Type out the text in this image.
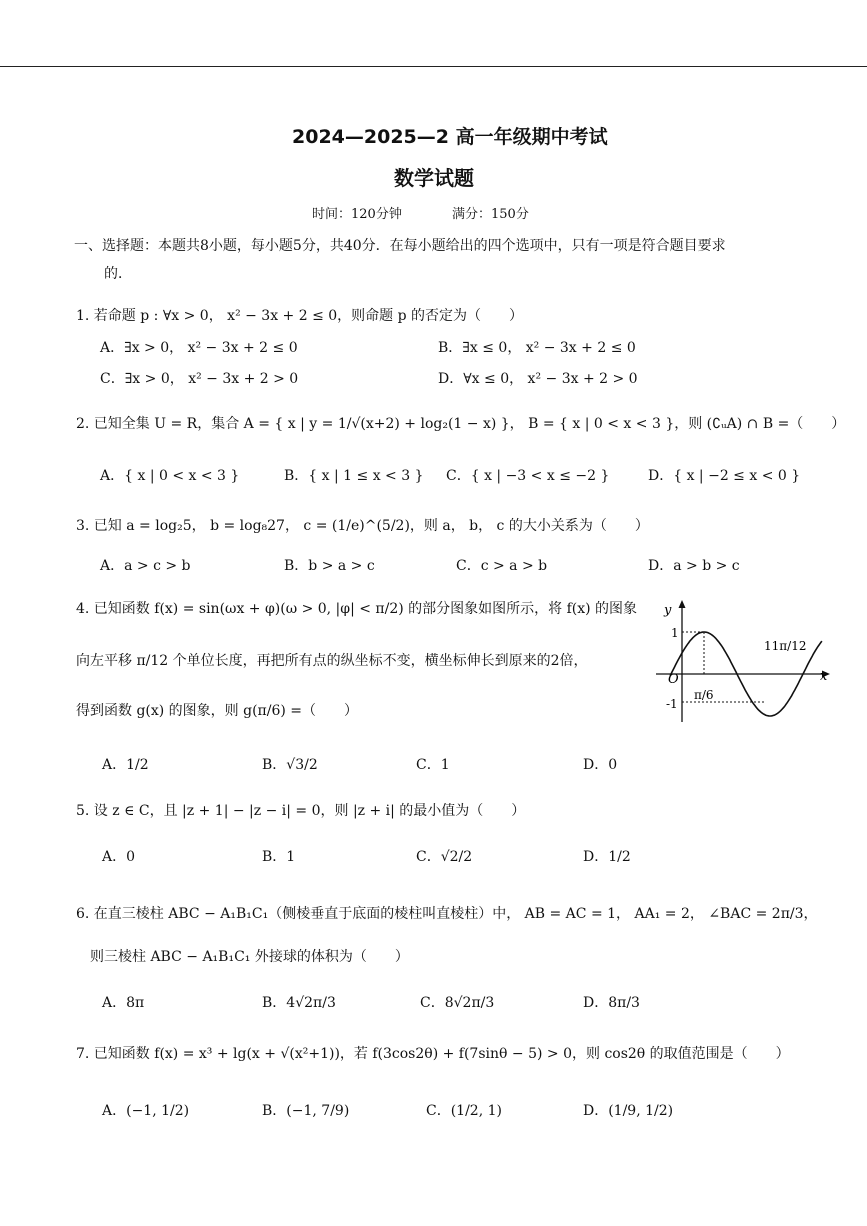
2024—2025—2 高一年级期中考试
数学试题
时间：120分钟	满分：150分
一、选择题：本题共8小题，每小题5分，共40分．在每小题给出的四个选项中，只有一项是符合题目要求
的．
1. 若命题 p : ∀x > 0， x² − 3x + 2 ≤ 0，则命题 p 的否定为（　　）
A．∃x > 0， x² − 3x + 2 ≤ 0	B．∃x ≤ 0， x² − 3x + 2 ≤ 0
C．∃x > 0， x² − 3x + 2 > 0	D．∀x ≤ 0， x² − 3x + 2 > 0
2. 已知全集 U = R，集合 A = { x | y = 1/√(x+2) + log₂(1 − x) }， B = { x | 0 < x < 3 }，则 (∁ᵤA) ∩ B =（　　）
A．{ x | 0 < x < 3 }	B．{ x | 1 ≤ x < 3 } C．{ x | −3 < x ≤ −2 }	D．{ x | −2 ≤ x < 0 }
3. 已知 a = log₂5， b = log₈27， c = (1/e)^(5/2)，则 a， b， c 的大小关系为（　　）
A．a > c > b	B．b > a > c	C．c > a > b	D．a > b > c
4. 已知函数 f(x) = sin(ωx + φ)(ω > 0, |φ| < π/2) 的部分图象如图所示，将 f(x) 的图象
向左平移 π/12 个单位长度，再把所有点的纵坐标不变，横坐标伸长到原来的2倍，
得到函数 g(x) 的图象，则 g(π/6) =（　　）
A．1/2	B．√3/2	C．1	D．0
y
x
O
1
-1
π/6
11π/12
5. 设 z ∈ C，且 |z + 1| − |z − i| = 0，则 |z + i| 的最小值为（　　）
A．0	B．1	C．√2/2	D．1/2
6. 在直三棱柱 ABC − A₁B₁C₁（侧棱垂直于底面的棱柱叫直棱柱）中， AB = AC = 1， AA₁ = 2， ∠BAC = 2π/3，
则三棱柱 ABC − A₁B₁C₁ 外接球的体积为（　　）
A．8π	B．4√2π/3	C．8√2π/3	D．8π/3
7. 已知函数 f(x) = x³ + lg(x + √(x²+1))，若 f(3cos2θ) + f(7sinθ − 5) > 0，则 cos2θ 的取值范围是（　　）
A．(−1, 1/2)	B．(−1, 7/9)	C．(1/2, 1)	D．(1/9, 1/2)
